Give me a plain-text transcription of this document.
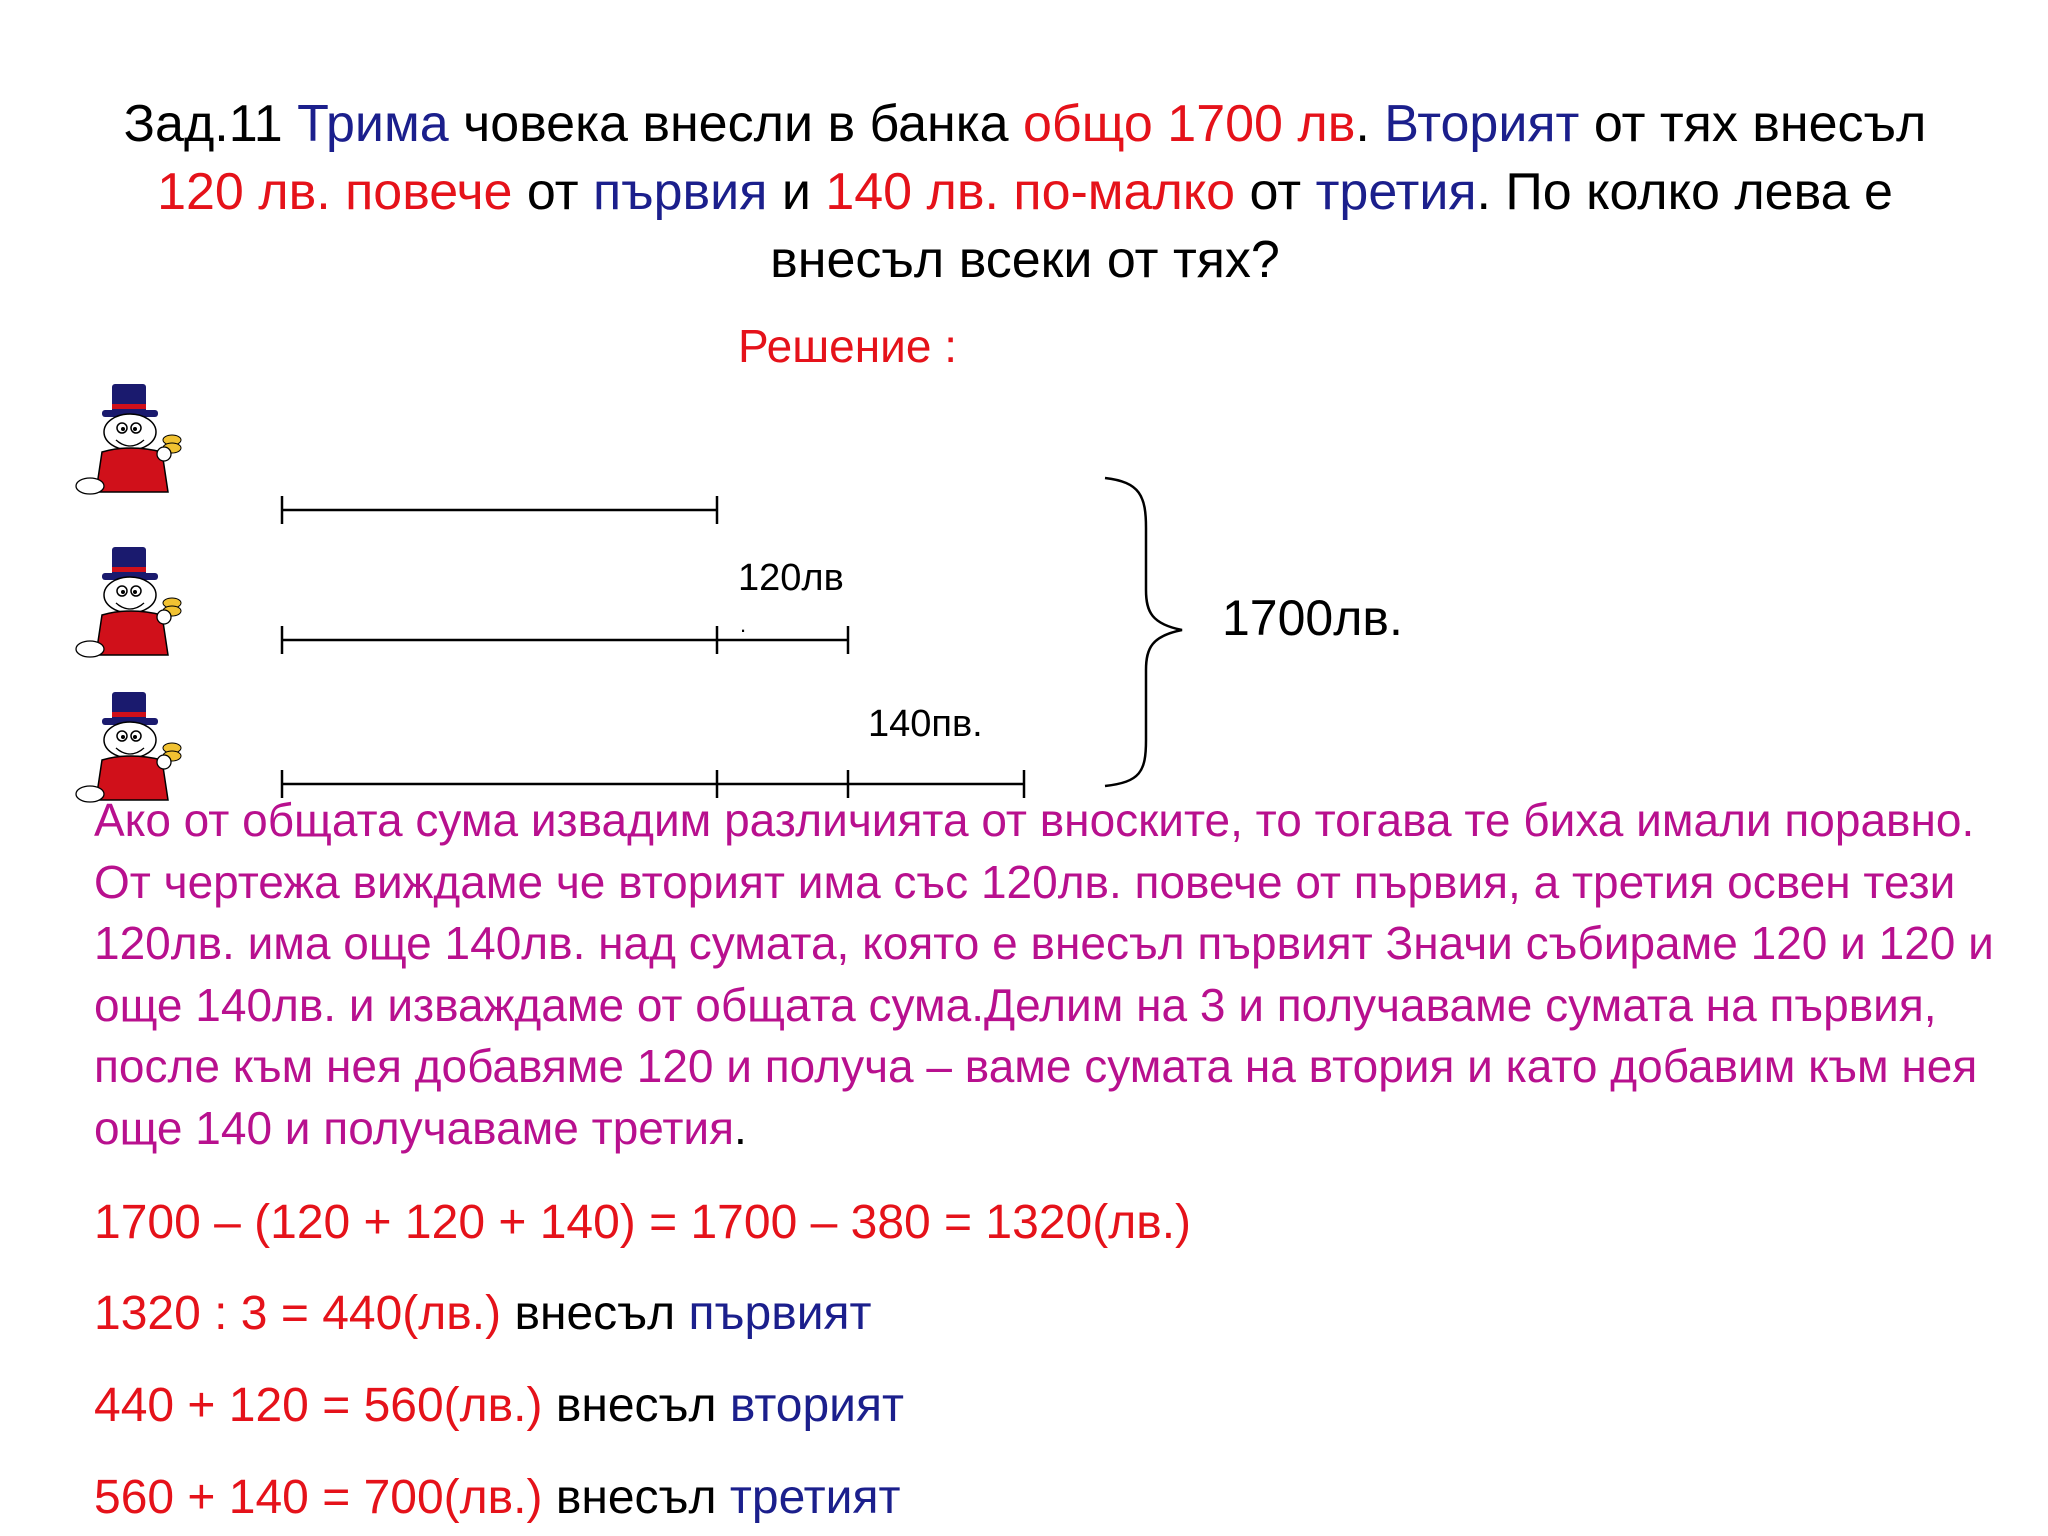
Зад.11 Трима човека внесли в банка общо 1700 лв. Вторият от тях внесъл 120 лв. повече от първия и 140 лв. по-малко от третия. По колко лева е внесъл всеки от тях?
Решение :
120лв
.
140пв.
1700лв.
Ако от общата сума извадим различията от вноските, то тогава те биха имали поравно. От чертежа виждаме че вторият има със 120лв. повече от първия, а третия освен тези 120лв. има още 140лв. над сумата, която е внесъл първият Значи събираме 120 и 120 и още 140лв. и изваждаме от общата сума.Делим на 3 и получаваме сумата на първия, после към нея добавяме 120 и получа – ваме сумата на втория и като добавим към нея още 140 и получаваме третия.
1700 – (120 + 120 + 140) = 1700 – 380 = 1320(лв.)
1320 : 3 = 440(лв.) внесъл първият
440 + 120 = 560(лв.) внесъл вторият
560 + 140 = 700(лв.) внесъл третият
